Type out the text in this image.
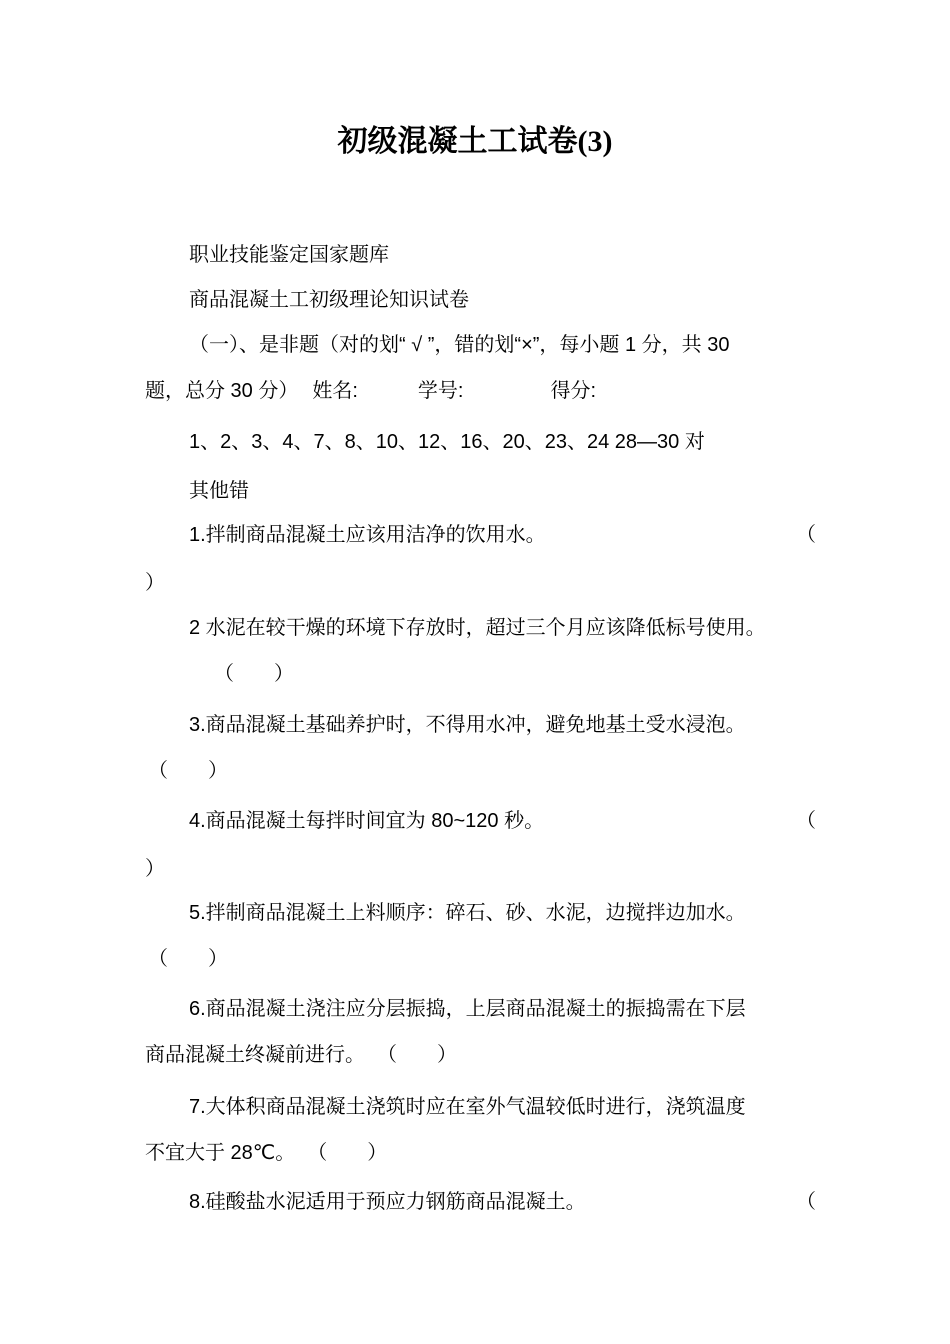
初级混凝土工试卷(3)

职业技能鉴定国家题库

商品混凝土工初级理论知识试卷

（一）、是非题（对的划“ √ ”，错的划“×”，每小题 1 分，共 30

题，总分 30 分） 姓名:	学号:	得分:

1、2、3、4、7、8、10、12、16、20、23、24 28—30 对

其他错

1.拌制商品混凝土应该用洁净的饮用水。	（

）

2 水泥在较干燥的环境下存放时，超过三个月应该降低标号使用。

（　　）

3.商品混凝土基础养护时，不得用水冲，避免地基土受水浸泡。

（　　）

4.商品混凝土每拌时间宜为 80~120 秒。	（

）

5.拌制商品混凝土上料顺序：碎石、砂、水泥，边搅拌边加水。

（　　）

6.商品混凝土浇注应分层振捣，上层商品混凝土的振捣需在下层

商品混凝土终凝前进行。 （　　）

7.大体积商品混凝土浇筑时应在室外气温较低时进行，浇筑温度

不宜大于 28℃。 （　　）

8.硅酸盐水泥适用于预应力钢筋商品混凝土。	（
